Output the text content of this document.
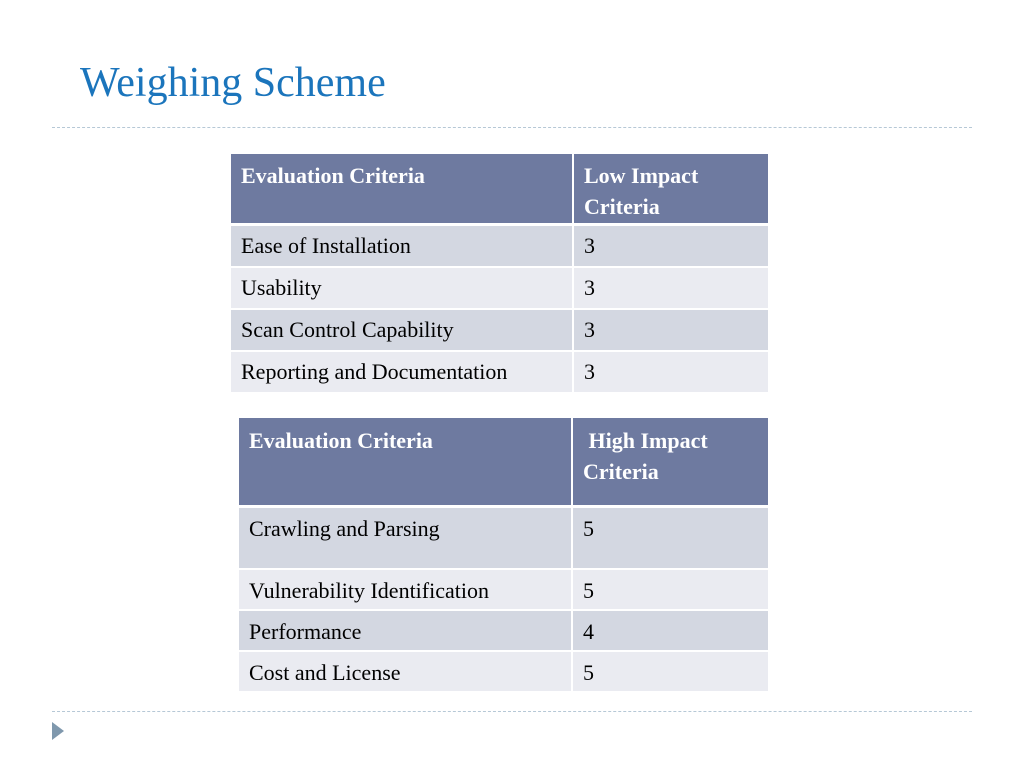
Weighing Scheme
Evaluation Criteria	Low Impact Criteria
Ease of Installation	3
Usability	3
Scan Control Capability	3
Reporting and Documentation	3
Evaluation Criteria	High Impact Criteria
Crawling and Parsing	5
Vulnerability Identification	5
Performance	4
Cost and License	5
